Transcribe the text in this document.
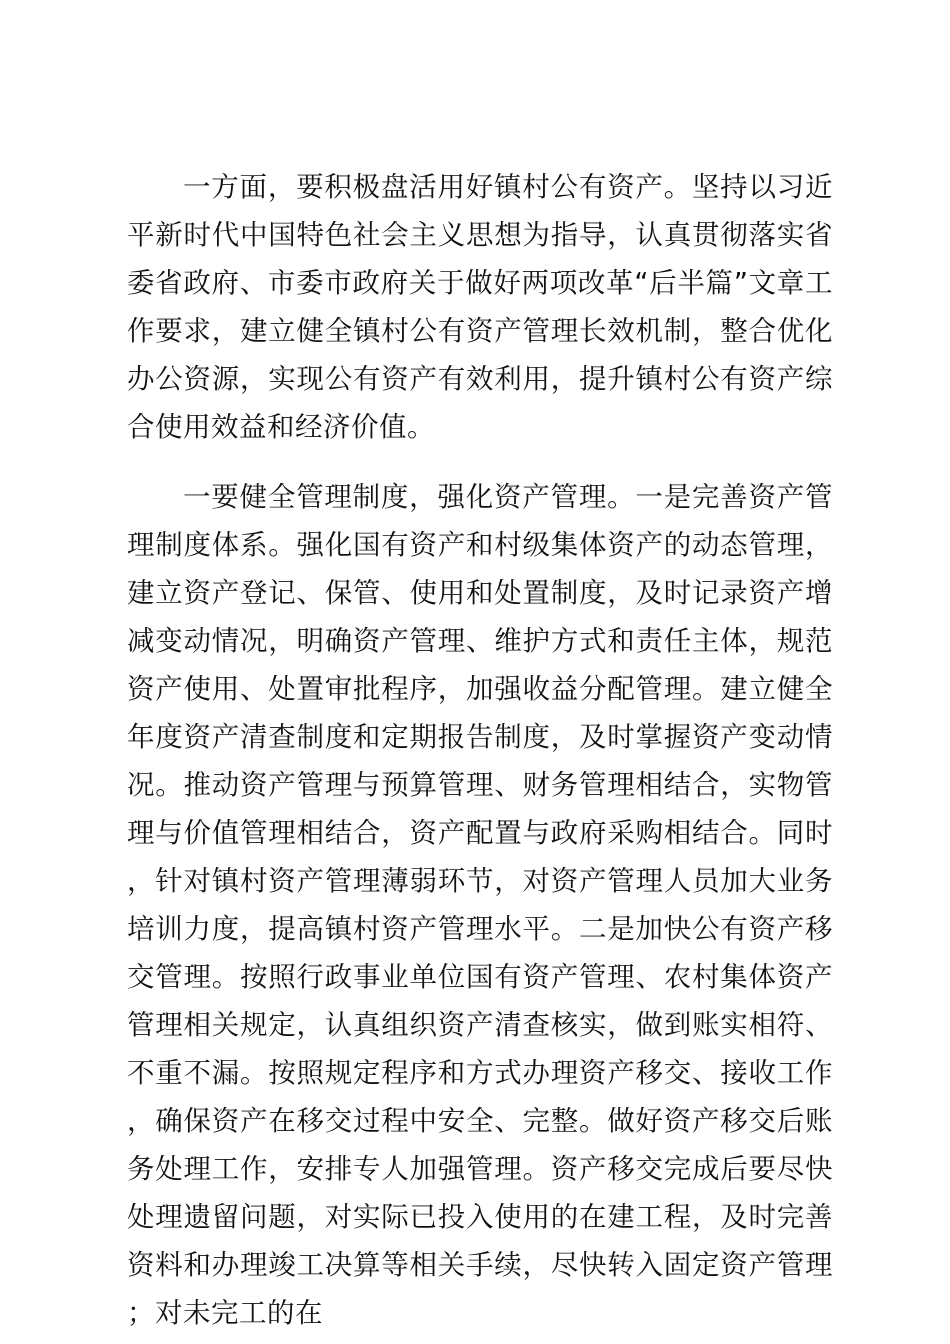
一方面，要积极盘活用好镇村公有资产。坚持以习近平新时代中国特色社会主义思想为指导，认真贯彻落实省委省政府、市委市政府关于做好两项改革“后半篇”文章工作要求，建立健全镇村公有资产管理长效机制，整合优化办公资源，实现公有资产有效利用，提升镇村公有资产综合使用效益和经济价值。

一要健全管理制度，强化资产管理。一是完善资产管理制度体系。强化国有资产和村级集体资产的动态管理，建立资产登记、保管、使用和处置制度，及时记录资产增减变动情况，明确资产管理、维护方式和责任主体，规范资产使用、处置审批程序，加强收益分配管理。建立健全年度资产清查制度和定期报告制度，及时掌握资产变动情况。推动资产管理与预算管理、财务管理相结合，实物管理与价值管理相结合，资产配置与政府采购相结合。同时，针对镇村资产管理薄弱环节，对资产管理人员加大业务培训力度，提高镇村资产管理水平。二是加快公有资产移交管理。按照行政事业单位国有资产管理、农村集体资产管理相关规定，认真组织资产清查核实，做到账实相符、不重不漏。按照规定程序和方式办理资产移交、接收工作，确保资产在移交过程中安全、完整。做好资产移交后账务处理工作，安排专人加强管理。资产移交完成后要尽快处理遗留问题，对实际已投入使用的在建工程，及时完善资料和办理竣工决算等相关手续，尽快转入固定资产管理；对未完工的在
